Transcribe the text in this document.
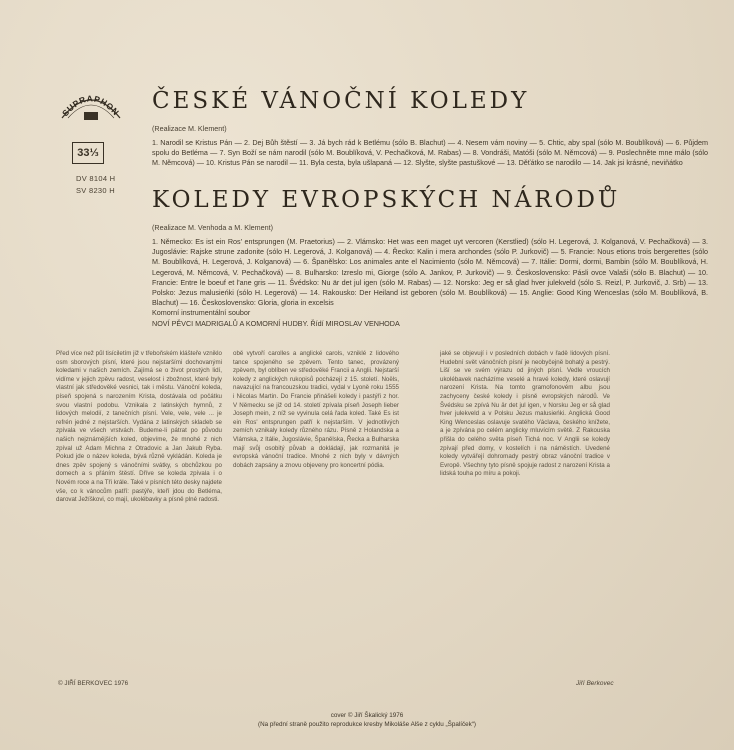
SUPRAPHON
33⅓
DV 8104 H
SV 8230 H
ČESKÉ VÁNOČNÍ KOLEDY
(Realizace M. Klement)
1. Narodil se Kristus Pán — 2. Dej Bůh štěstí — 3. Já bych rád k Betlému (sólo B. Blachut) — 4. Nesem vám noviny — 5. Chtic, aby spal (sólo M. Boublíková) — 6. Půjdem spolu do Betléma — 7. Syn Boží se nám narodil (sólo M. Boublíková, V. Pechačková, M. Rabas) — 8. Vondráši, Matóši (sólo M. Němcová) — 9. Poslechněte mne málo (sólo M. Němcová) — 10. Kristus Pán se narodil — 11. Byla cesta, byla ušlapaná — 12. Slyšte, slyšte pastuškové — 13. Děťátko se narodilo — 14. Jak jsi krásné, neviňátko
KOLEDY EVROPSKÝCH NÁRODŮ
(Realizace M. Venhoda a M. Klement)
1. Německo: Es ist ein Ros' entsprungen (M. Praetorius) — 2. Vlámsko: Het was een maget uyt vercoren (Kerstlied) (sólo H. Legerová, J. Kolganová, V. Pechačková) — 3. Jugoslávie: Rajske strune zadonite (sólo H. Legerová, J. Kolganová) — 4. Řecko: Kalin i mera archondes (sólo P. Jurkovič) — 5. Francie: Nous etions trois bergerettes (sólo M. Boublíková, H. Legerová, J. Kolganová) — 6. Španělsko: Los animales ante el Nacimiento (sólo M. Němcová) — 7. Itálie: Dormi, dormi, Bambin (sólo M. Boublíková, H. Legerová, M. Němcová, V. Pechačková) — 8. Bulharsko: Izreslo mi, Giorge (sólo A. Jankov, P. Jurkovič) — 9. Československo: Pásli ovce Valaši (sólo B. Blachut) — 10. Francie: Entre le boeuf et l'ane gris — 11. Švédsko: Nu är det jul igen (sólo M. Rabas) — 12. Norsko: Jeg er så glad hver julekveld (sólo S. Reizl, P. Jurkovič, J. Srb) — 13. Polsko: Jezus malusieńki (sólo H. Legerová) — 14. Rakousko: Der Heiland ist geboren (sólo M. Boublíková) — 15. Anglie: Good King Wenceslas (sólo M. Boublíková, B. Blachut) — 16. Československo: Gloria, gloria in excelsis
Komorní instrumentální soubor
NOVÍ PĚVCI MADRIGALŮ A KOMORNÍ HUDBY. Řídí MIROSLAV VENHODA
Před více než půl tisíciletím již v třeboňském klášteře vzniklo osm sborových písní, které jsou nejstaršími dochovanými koledami v našich zemích. Zajímá se o život prostých lidí, vidíme v jejich zpěvu radost, veselost i zbožnost, které byly vlastní jak středověké vesnici, tak i městu. Vánoční koleda, píseň spojená s narozením Krista, dostávala od počátku svou vlastní podobu. Vznikala z latinských hymnů, z lidových melodií, z tanečních písní. Vele, vele, vele ... je refrén jedné z nejstarších. Vydána z latinských skladeb se zpívala ve všech vrstvách. Budeme-li pátrat po původu našich nejznámějších koled, objevíme, že mnohé z nich zpíval už Adam Michna z Otradovic a Jan Jakub Ryba. Pokud jde o název koleda, bývá různě vykládán. Koleda je dnes zpěv spojený s vánočními svátky, s obchůzkou po domech a s přáním štěstí. Dříve se koleda zpívala i o Novém roce a na Tři krále. Také v písních této desky najdete vše, co k vánocům patří: pastýře, kteří jdou do Betléma, darovat Ježíškovi, co mají, ukolébavky a písně plné radosti.
obě vytvoří carolles a anglické carols, vzniklé z lidového tance spojeného se zpěvem. Tento tanec, provázený zpěvem, byl oblíben ve středověké Francii a Anglii. Nejstarší koledy z anglických rukopisů pocházejí z 15. století. Noëls, navazující na francouzskou tradici, vydal v Lyoně roku 1555 i Nicolas Martin. Do Francie přinášeli koledy i pastýři z hor. V Německu se již od 14. století zpívala píseň Joseph lieber Joseph mein, z níž se vyvinula celá řada koled. Také Es ist ein Ros' entsprungen patří k nejstarším. V jednotlivých zemích vznikaly koledy různého rázu. Písně z Holandska a Vlámska, z Itálie, Jugoslávie, Španělska, Řecka a Bulharska mají svůj osobitý půvab a dokládají, jak rozmanitá je evropská vánoční tradice. Mnohé z nich byly v dávných dobách zapsány a znovu objeveny pro koncertní pódia.
jaké se objevují i v posledních dobách v řadě lidových písní. Hudební svět vánočních písní je neobyčejně bohatý a pestrý. Liší se ve svém výrazu od jiných písní. Vedle vroucích ukolébavek nacházíme veselé a hravé koledy, které oslavují narození Krista. Na tomto gramofonovém albu jsou zachyceny české koledy i písně evropských národů. Ve Švédsku se zpívá Nu är det jul igen, v Norsku Jeg er så glad hver julekveld a v Polsku Jezus malusieńki. Anglická Good King Wenceslas oslavuje svatého Václava, českého knížete, a je zpívána po celém anglicky mluvícím světě. Z Rakouska přišla do celého světa píseň Tichá noc. V Anglii se koledy zpívají před domy, v kostelích i na náměstích. Uvedené koledy vytvářejí dohromady pestrý obraz vánoční tradice v Evropě. Všechny tyto písně spojuje radost z narození Krista a lidská touha po míru a pokoji.
Jiří Berkovec
© JIŘÍ BERKOVEC 1976
cover © Jiří Škalický 1976
(Na přední straně použito reprodukce kresby Mikoláše Alše z cyklu „Špalíček“)
